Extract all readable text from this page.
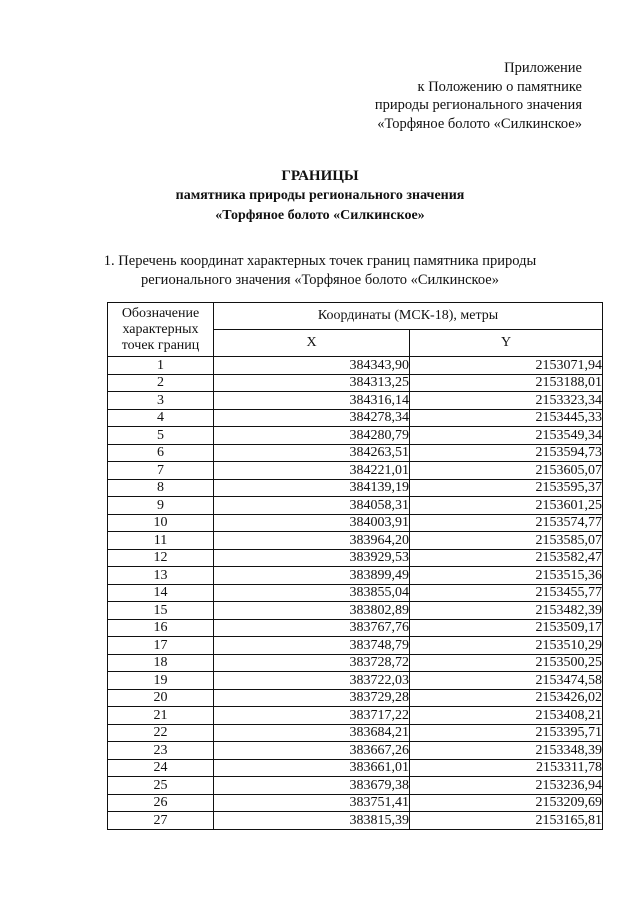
Приложение
к Положению о памятнике
природы регионального значения
«Торфяное болото «Силкинское»
ГРАНИЦЫ
памятника природы регионального значения
«Торфяное болото «Силкинское»
1. Перечень координат характерных точек границ памятника природы
регионального значения «Торфяное болото «Силкинское»
Обозначение характерных точек границ	Координаты (МСК-18), метры	
	X	Y
1	384343,90	2153071,94
2	384313,25	2153188,01
3	384316,14	2153323,34
4	384278,34	2153445,33
5	384280,79	2153549,34
6	384263,51	2153594,73
7	384221,01	2153605,07
8	384139,19	2153595,37
9	384058,31	2153601,25
10	384003,91	2153574,77
11	383964,20	2153585,07
12	383929,53	2153582,47
13	383899,49	2153515,36
14	383855,04	2153455,77
15	383802,89	2153482,39
16	383767,76	2153509,17
17	383748,79	2153510,29
18	383728,72	2153500,25
19	383722,03	2153474,58
20	383729,28	2153426,02
21	383717,22	2153408,21
22	383684,21	2153395,71
23	383667,26	2153348,39
24	383661,01	2153311,78
25	383679,38	2153236,94
26	383751,41	2153209,69
27	383815,39	2153165,81
